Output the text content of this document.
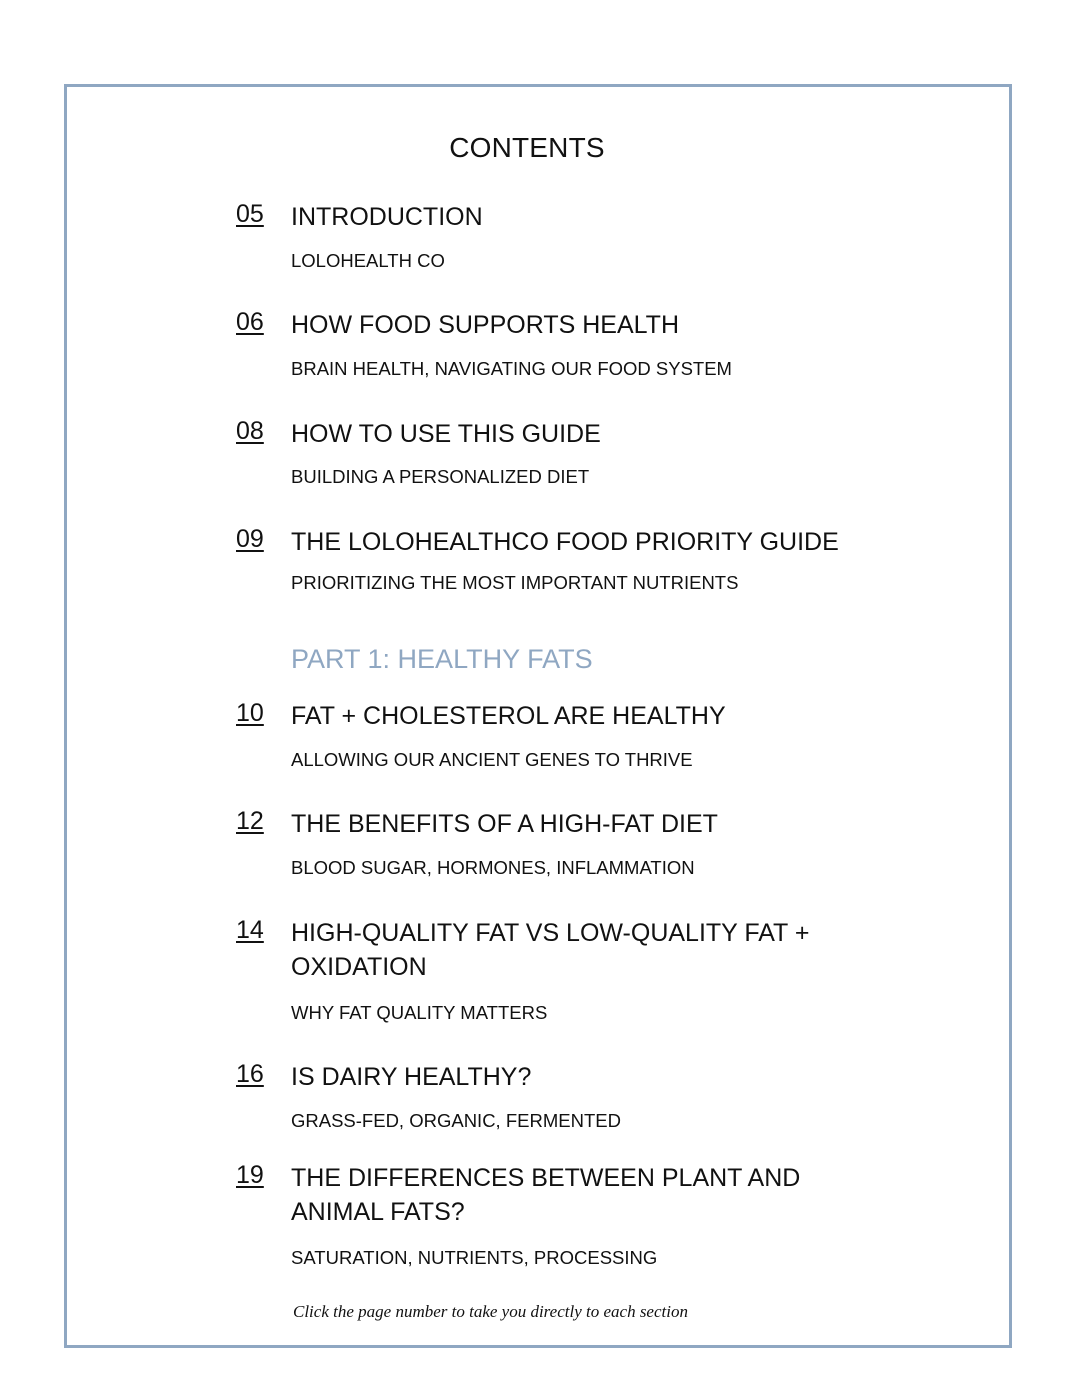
CONTENTS
05 INTRODUCTION
LOLOHEALTH CO
06 HOW FOOD SUPPORTS HEALTH
BRAIN HEALTH, NAVIGATING OUR FOOD SYSTEM
08 HOW TO USE THIS GUIDE
BUILDING A PERSONALIZED DIET
09 THE LOLOHEALTHCO FOOD PRIORITY GUIDE
PRIORITIZING THE MOST IMPORTANT NUTRIENTS
10 FAT + CHOLESTEROL ARE HEALTHY
ALLOWING OUR ANCIENT GENES TO THRIVE
12 THE BENEFITS OF A HIGH-FAT DIET
BLOOD SUGAR, HORMONES, INFLAMMATION
14 HIGH-QUALITY FAT VS LOW-QUALITY FAT + OXIDATION
WHY FAT QUALITY MATTERS
16 IS DAIRY HEALTHY?
GRASS-FED, ORGANIC, FERMENTED
19 THE DIFFERENCES BETWEEN PLANT AND ANIMAL FATS?
SATURATION, NUTRIENTS, PROCESSING
PART 1: HEALTHY FATS
Click the page number to take you directly to each section
